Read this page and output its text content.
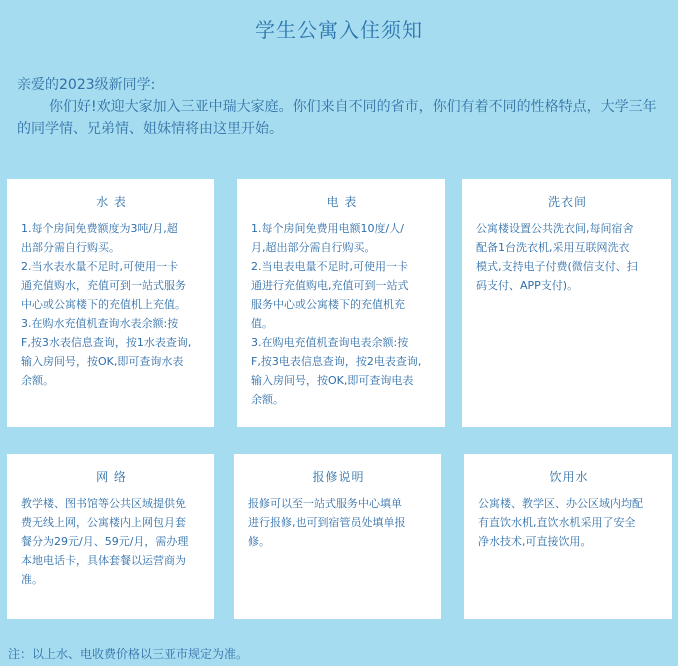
学生公寓入住须知
亲爱的2023级新同学:
你们好!欢迎大家加入三亚中瑞大家庭。你们来自不同的省市，你们有着不同的性格特点，大学三年的同学情、兄弟情、姐妹情将由这里开始。
水 表
1.每个房间免费额度为3吨/月,超
出部分需自行购买。
2.当水表水量不足时,可使用一卡
通充值购水，充值可到一站式服务
中心或公寓楼下的充值机上充值。
3.在购水充值机查询水表余额:按
F,按3水表信息查询，按1水表查询,
输入房间号，按OK,即可查询水表
余额。
电 表
1.每个房间免费用电额10度/人/
月,超出部分需自行购买。
2.当电表电量不足时,可使用一卡
通进行充值购电,充值可到一站式
服务中心或公寓楼下的充值机充
值。
3.在购电充值机查询电表余额:按
F,按3电表信息查询，按2电表查询,
输入房间号，按OK,即可查询电表
余额。
洗衣间
公寓楼设置公共洗衣间,每间宿舍
配备1台洗衣机,采用互联网洗衣
模式,支持电子付费(微信支付、扫
码支付、APP支付)。
网 络
教学楼、图书馆等公共区域提供免
费无线上网，公寓楼内上网包月套
餐分为29元/月、59元/月，需办理
本地电话卡，具体套餐以运营商为
准。
报修说明
报修可以至一站式服务中心填单
进行报修,也可到宿管员处填单报
修。
饮用水
公寓楼、教学区、办公区域内均配
有直饮水机,直饮水机采用了安全
净水技术,可直接饮用。
注：以上水、电收费价格以三亚市规定为准。
